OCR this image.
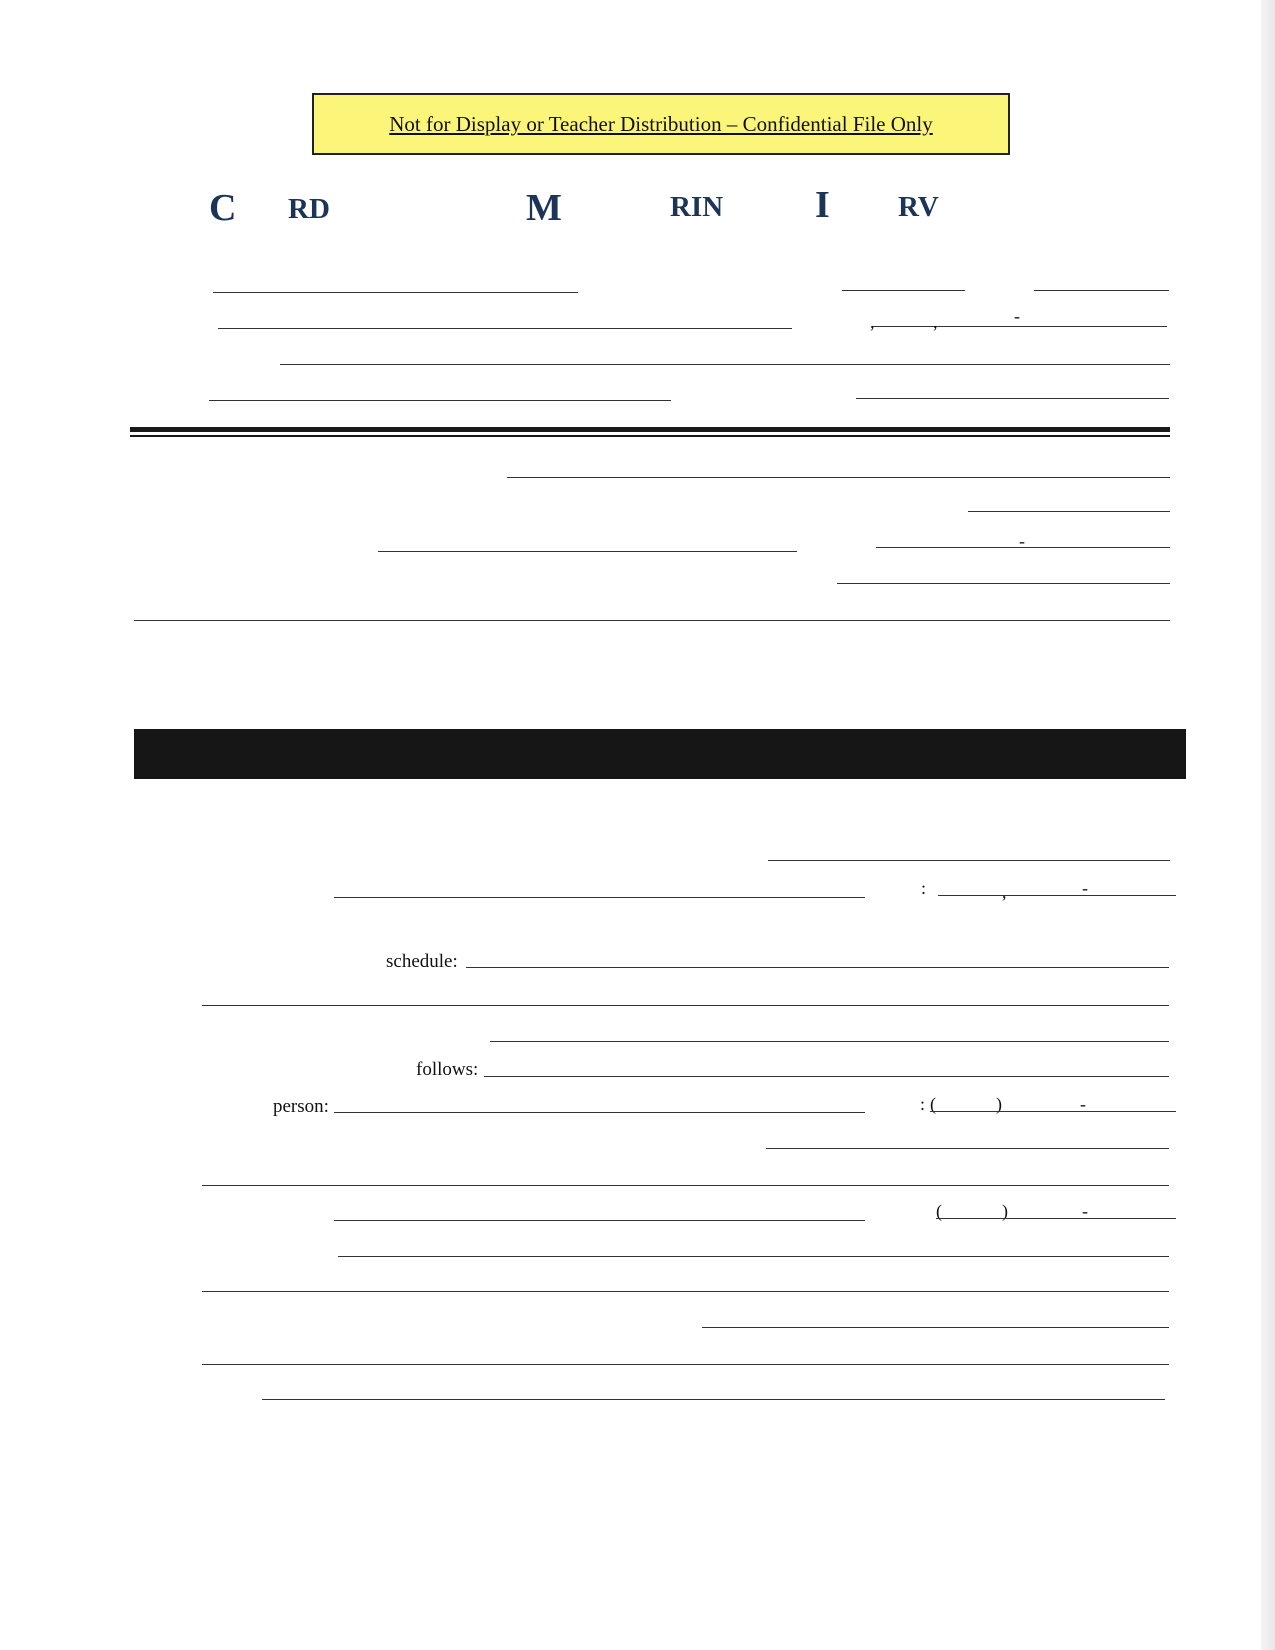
Not for Display or Teacher Distribution – Confidential File Only
C RD	M	RIN I RV
,	,	-
-
:	,	-
schedule:
follows:
person:	: (	)	-
(	)	-
